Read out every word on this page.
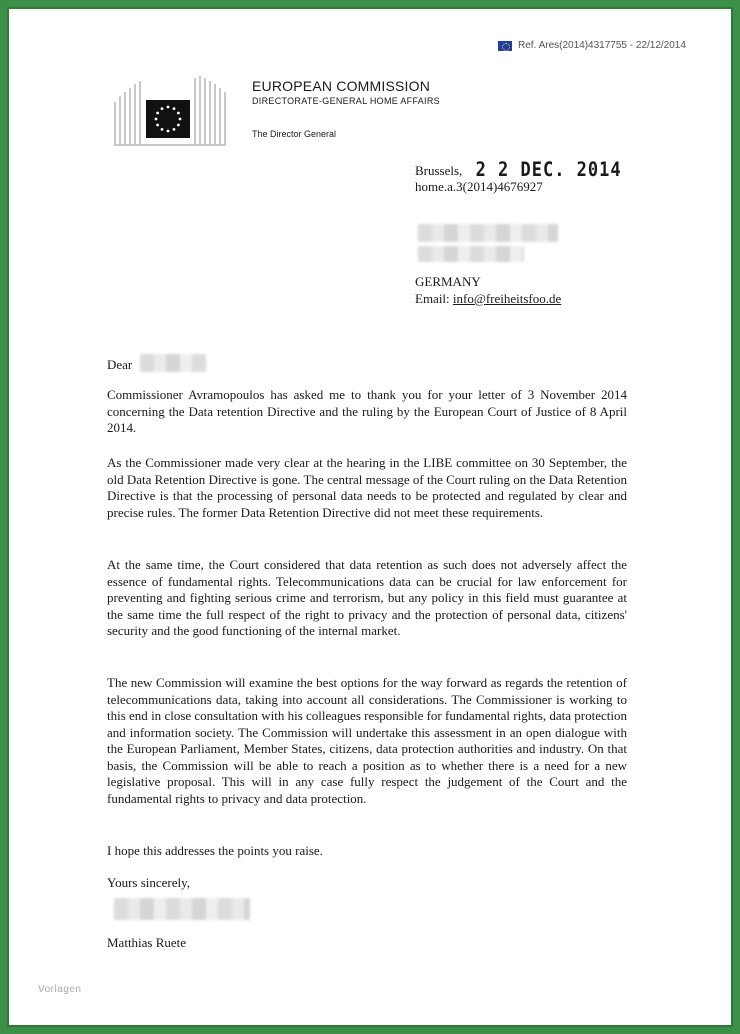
Ref. Ares(2014)4317755 - 22/12/2014
EUROPEAN COMMISSION
DIRECTORATE-GENERAL HOME AFFAIRS
The Director General
Brussels, 2 2 DEC. 2014
home.a.3(2014)4676927
GERMANY
Email: info@freiheitsfoo.de
Dear
Commissioner Avramopoulos has asked me to thank you for your letter of 3 November 2014 concerning the Data retention Directive and the ruling by the European Court of Justice of 8 April 2014.
As the Commissioner made very clear at the hearing in the LIBE committee on 30 September, the old Data Retention Directive is gone. The central message of the Court ruling on the Data Retention Directive is that the processing of personal data needs to be protected and regulated by clear and precise rules. The former Data Retention Directive did not meet these requirements.
At the same time, the Court considered that data retention as such does not adversely affect the essence of fundamental rights. Telecommunications data can be crucial for law enforcement for preventing and fighting serious crime and terrorism, but any policy in this field must guarantee at the same time the full respect of the right to privacy and the protection of personal data, citizens' security and the good functioning of the internal market.
The new Commission will examine the best options for the way forward as regards the retention of telecommunications data, taking into account all considerations. The Commissioner is working to this end in close consultation with his colleagues responsible for fundamental rights, data protection and information society. The Commission will undertake this assessment in an open dialogue with the European Parliament, Member States, citizens, data protection authorities and industry. On that basis, the Commission will be able to reach a position as to whether there is a need for a new legislative proposal. This will in any case fully respect the judgement of the Court and the fundamental rights to privacy and data protection.
I hope this addresses the points you raise.
Yours sincerely,
Matthias Ruete
Vorlagen
